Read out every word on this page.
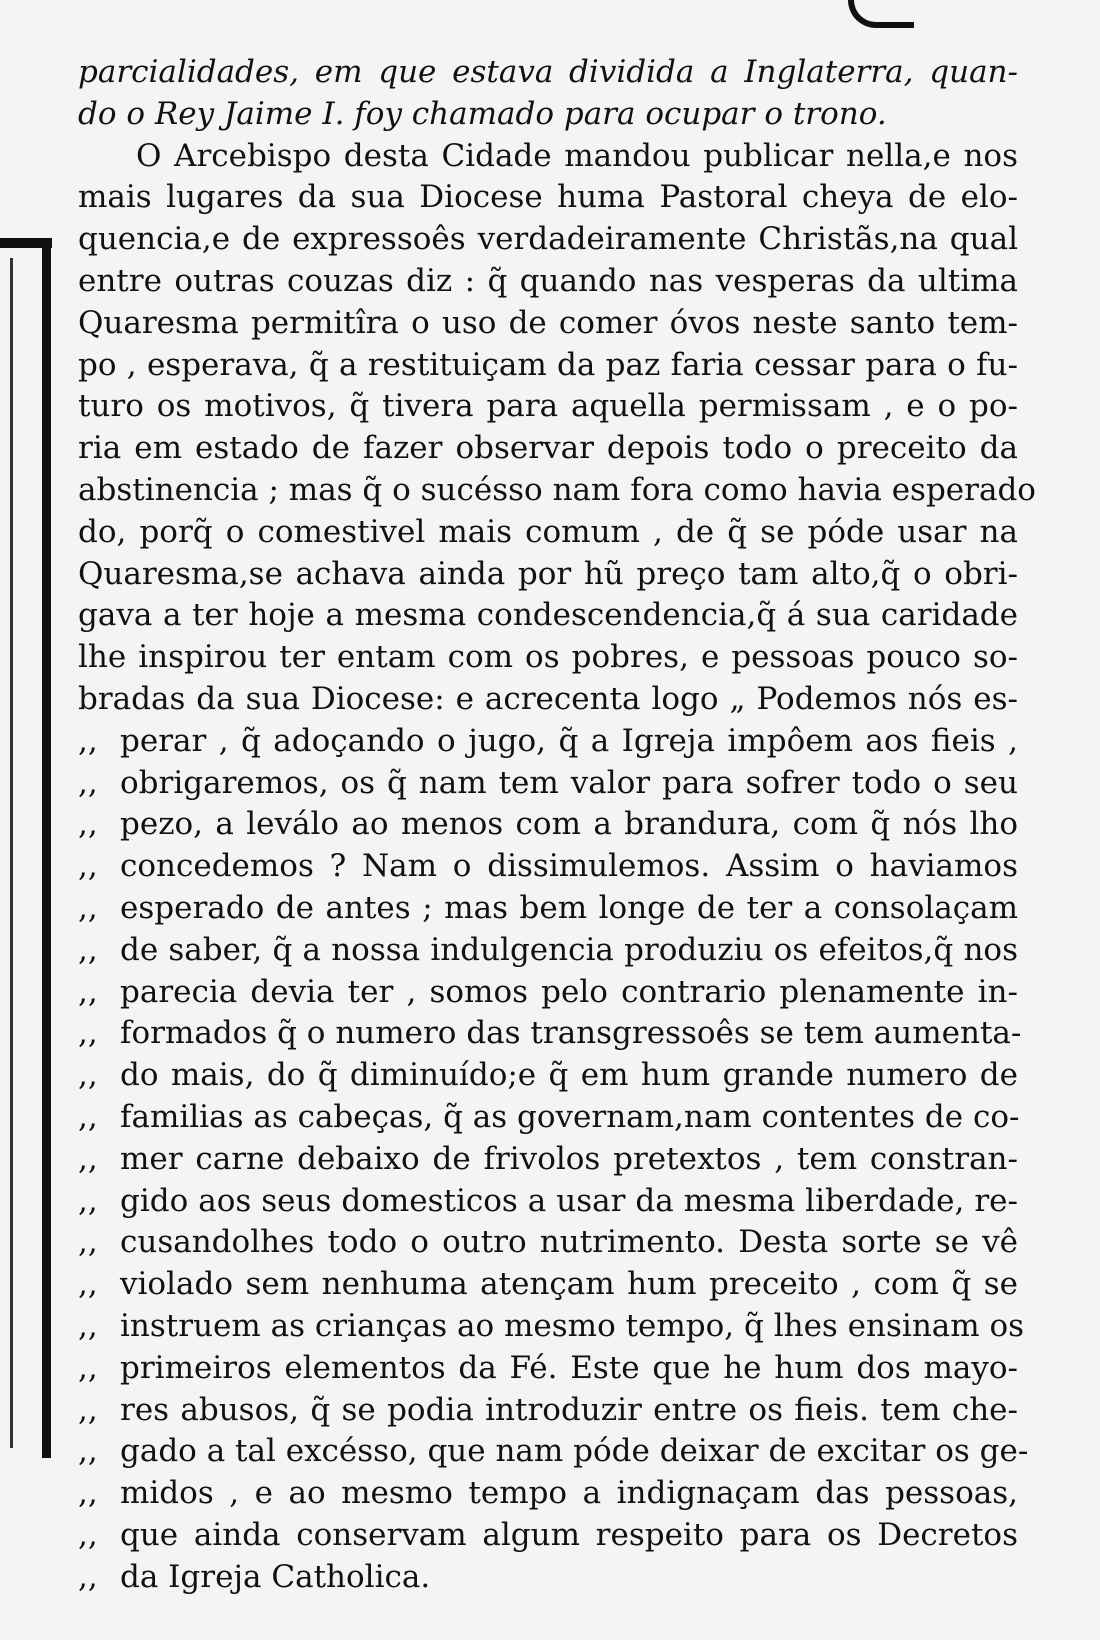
parcialidades, em que estava dividida a Inglaterra, quan-
do o Rey Jaime I. foy chamado para ocupar o trono.
O Arcebispo desta Cidade mandou publicar nella,e nos
mais lugares da sua Diocese huma Pastoral cheya de elo-
quencia,e de expressoês verdadeiramente Christãs,na qual
entre outras couzas diz : q̃ quando nas vesperas da ultima
Quaresma permitîra o uso de comer óvos neste santo tem-
po , esperava, q̃ a restituiçam da paz faria cessar para o fu-
turo os motivos, q̃ tivera para aquella permissam , e o po-
ria em estado de fazer observar depois todo o preceito da
abstinencia ; mas q̃ o sucésso nam fora como havia esperado
do, porq̃ o comestivel mais comum , de q̃ se póde usar na
Quaresma,se achava ainda por hũ preço tam alto,q̃ o obri-
gava a ter hoje a mesma condescendencia,q̃ á sua caridade
lhe inspirou ter entam com os pobres, e pessoas pouco so-
bradas da sua Diocese: e acrecenta logo „ Podemos nós es-
,, perar , q̃ adoçando o jugo, q̃ a Igreja impôem aos fieis ,
,, obrigaremos, os q̃ nam tem valor para sofrer todo o seu
,, pezo, a leválo ao menos com a brandura, com q̃ nós lho
,, concedemos ? Nam o dissimulemos. Assim o haviamos
,, esperado de antes ; mas bem longe de ter a consolaçam
,, de saber, q̃ a nossa indulgencia produziu os efeitos,q̃ nos
,, parecia devia ter , somos pelo contrario plenamente in-
,, formados q̃ o numero das transgressoês se tem aumenta-
,, do mais, do q̃ diminuído;e q̃ em hum grande numero de
,, familias as cabeças, q̃ as governam,nam contentes de co-
,, mer carne debaixo de frivolos pretextos , tem constran-
,, gido aos seus domesticos a usar da mesma liberdade, re-
,, cusandolhes todo o outro nutrimento. Desta sorte se vê
,, violado sem nenhuma atençam hum preceito , com q̃ se
,, instruem as crianças ao mesmo tempo, q̃ lhes ensinam os
,, primeiros elementos da Fé. Este que he hum dos mayo-
,, res abusos, q̃ se podia introduzir entre os fieis. tem che-
,, gado a tal excésso, que nam póde deixar de excitar os ge-
,, midos , e ao mesmo tempo a indignaçam das pessoas,
,, que ainda conservam algum respeito para os Decretos
,, da Igreja Catholica.
